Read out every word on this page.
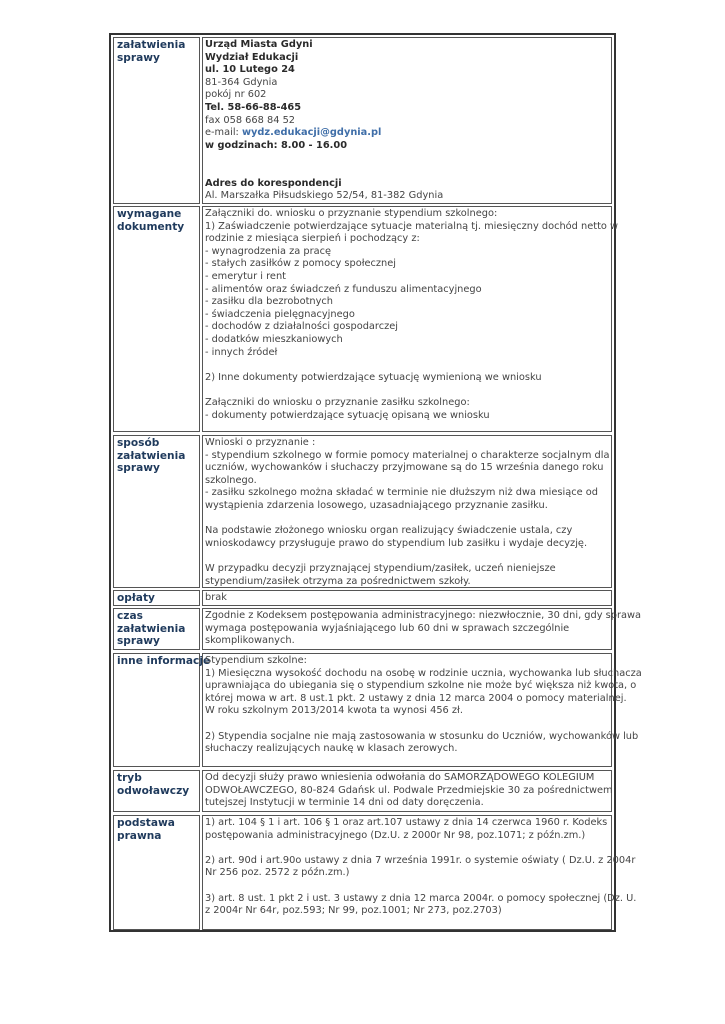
załatwienia
sprawy
Urząd Miasta Gdyni
Wydział Edukacji
ul. 10 Lutego 24
81-364 Gdynia
pokój nr 602
Tel. 58-66-88-465
fax 058 668 84 52
e-mail: wydz.edukacji@gdynia.pl
w godzinach: 8.00 - 16.00
Adres do korespondencji
Al. Marszałka Piłsudskiego 52/54, 81-382 Gdynia
wymagane
dokumenty
Załączniki do. wniosku o przyznanie stypendium szkolnego:
1) Zaświadczenie potwierdzające sytuacje materialną tj. miesięczny dochód netto w
rodzinie z miesiąca sierpień i pochodzący z:
- wynagrodzenia za pracę
- stałych zasiłków z pomocy społecznej
- emerytur i rent
- alimentów oraz świadczeń z funduszu alimentacyjnego
- zasiłku dla bezrobotnych
- świadczenia pielęgnacyjnego
- dochodów z działalności gospodarczej
- dodatków mieszkaniowych
- innych źródeł
2) Inne dokumenty potwierdzające sytuację wymienioną we wniosku
Załączniki do wniosku o przyznanie zasiłku szkolnego:
- dokumenty potwierdzające sytuację opisaną we wniosku
sposób
załatwienia
sprawy
Wnioski o przyznanie :
- stypendium szkolnego w formie pomocy materialnej o charakterze socjalnym dla
uczniów, wychowanków i słuchaczy przyjmowane są do 15 września danego roku
szkolnego.
- zasiłku szkolnego można składać w terminie nie dłuższym niż dwa miesiące od
wystąpienia zdarzenia losowego, uzasadniającego przyznanie zasiłku.
Na podstawie złożonego wniosku organ realizujący świadczenie ustala, czy
wnioskodawcy przysługuje prawo do stypendium lub zasiłku i wydaje decyzję.
W przypadku decyzji przyznającej stypendium/zasiłek, uczeń nieniejsze
stypendium/zasiłek otrzyma za pośrednictwem szkoły.
opłaty	brak
czas
załatwienia
sprawy
Zgodnie z Kodeksem postępowania administracyjnego: niezwłocznie, 30 dni, gdy sprawa
wymaga postępowania wyjaśniającego lub 60 dni w sprawach szczególnie
skomplikowanych.
inne informacje
Stypendium szkolne:
1) Miesięczna wysokość dochodu na osobę w rodzinie ucznia, wychowanka lub słuchacza
uprawniająca do ubiegania się o stypendium szkolne nie może być większa niż kwota, o
której mowa w art. 8 ust.1 pkt. 2 ustawy z dnia 12 marca 2004 o pomocy materialnej.
W roku szkolnym 2013/2014 kwota ta wynosi 456 zł.
2) Stypendia socjalne nie mają zastosowania w stosunku do Uczniów, wychowanków lub
słuchaczy realizujących naukę w klasach zerowych.
tryb
odwoławczy
Od decyzji służy prawo wniesienia odwołania do SAMORZĄDOWEGO KOLEGIUM
ODWOŁAWCZEGO, 80-824 Gdańsk ul. Podwale Przedmiejskie 30 za pośrednictwem
tutejszej Instytucji w terminie 14 dni od daty doręczenia.
podstawa
prawna
1) art. 104 § 1 i art. 106 § 1 oraz art.107 ustawy z dnia 14 czerwca 1960 r. Kodeks
postępowania administracyjnego (Dz.U. z 2000r Nr 98, poz.1071; z późn.zm.)
2) art. 90d i art.90o ustawy z dnia 7 września 1991r. o systemie oświaty ( Dz.U. z 2004r
Nr 256 poz. 2572 z późn.zm.)
3) art. 8 ust. 1 pkt 2 i ust. 3 ustawy z dnia 12 marca 2004r. o pomocy społecznej (Dz. U.
z 2004r Nr 64r, poz.593; Nr 99, poz.1001; Nr 273, poz.2703)
